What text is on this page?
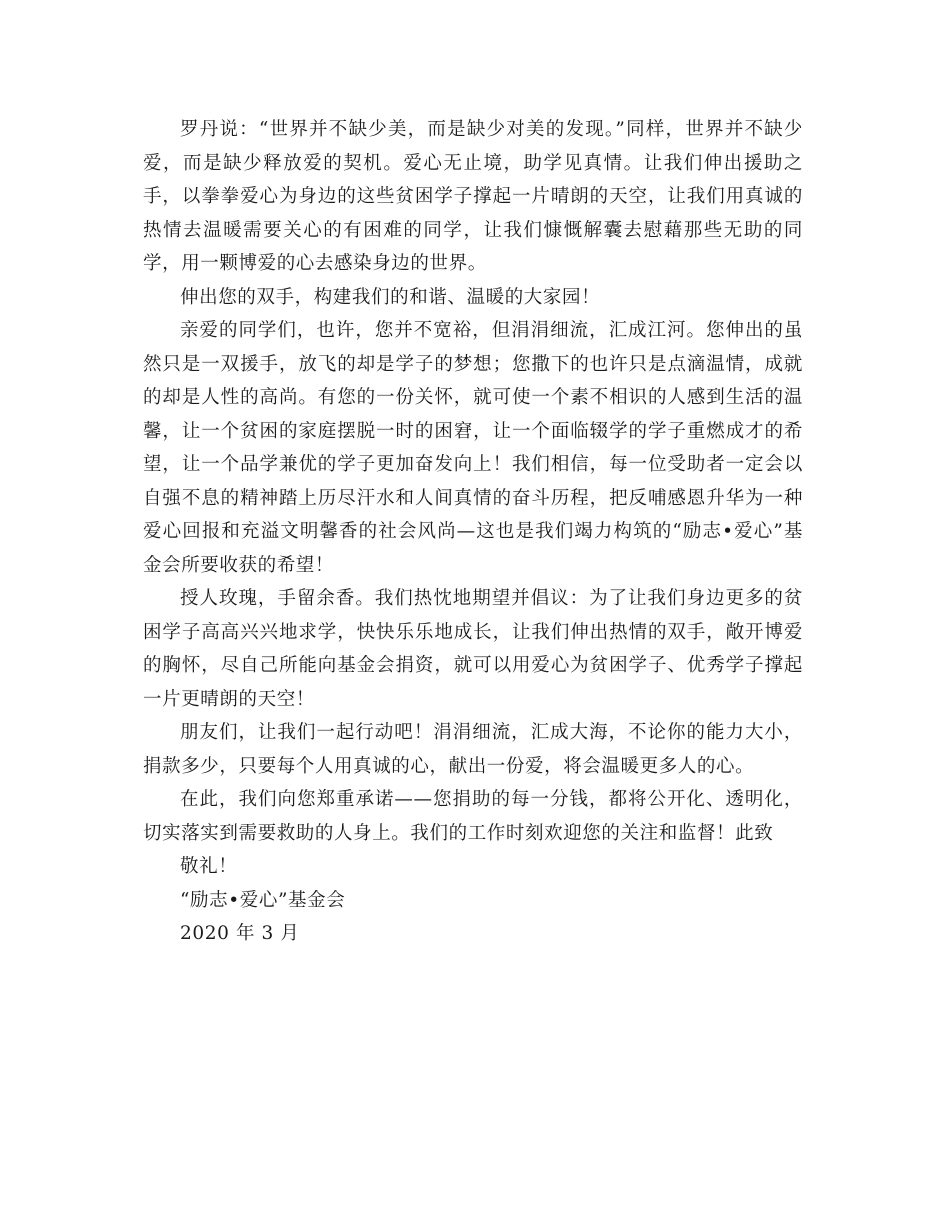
罗丹说：“世界并不缺少美，而是缺少对美的发现。”同样，世界并不缺少爱，而是缺少释放爱的契机。爱心无止境，助学见真情。让我们伸出援助之手，以拳拳爱心为身边的这些贫困学子撑起一片晴朗的天空，让我们用真诚的热情去温暖需要关心的有困难的同学，让我们慷慨解囊去慰藉那些无助的同学，用一颗博爱的心去感染身边的世界。

伸出您的双手，构建我们的和谐、温暖的大家园！

亲爱的同学们，也许，您并不宽裕，但涓涓细流，汇成江河。您伸出的虽然只是一双援手，放飞的却是学子的梦想；您撒下的也许只是点滴温情，成就的却是人性的高尚。有您的一份关怀，就可使一个素不相识的人感到生活的温馨，让一个贫困的家庭摆脱一时的困窘，让一个面临辍学的学子重燃成才的希望，让一个品学兼优的学子更加奋发向上！我们相信，每一位受助者一定会以自强不息的精神踏上历尽汗水和人间真情的奋斗历程，把反哺感恩升华为一种爱心回报和充溢文明馨香的社会风尚—这也是我们竭力构筑的“励志•爱心”基金会所要收获的希望！

授人玫瑰，手留余香。我们热忱地期望并倡议：为了让我们身边更多的贫困学子高高兴兴地求学，快快乐乐地成长，让我们伸出热情的双手，敞开博爱的胸怀，尽自己所能向基金会捐资，就可以用爱心为贫困学子、优秀学子撑起一片更晴朗的天空！

朋友们，让我们一起行动吧！涓涓细流，汇成大海，不论你的能力大小，捐款多少，只要每个人用真诚的心，献出一份爱，将会温暖更多人的心。

在此，我们向您郑重承诺——您捐助的每一分钱，都将公开化、透明化，切实落实到需要救助的人身上。我们的工作时刻欢迎您的关注和监督！此致

敬礼！

“励志•爱心”基金会

2020 年 3 月
